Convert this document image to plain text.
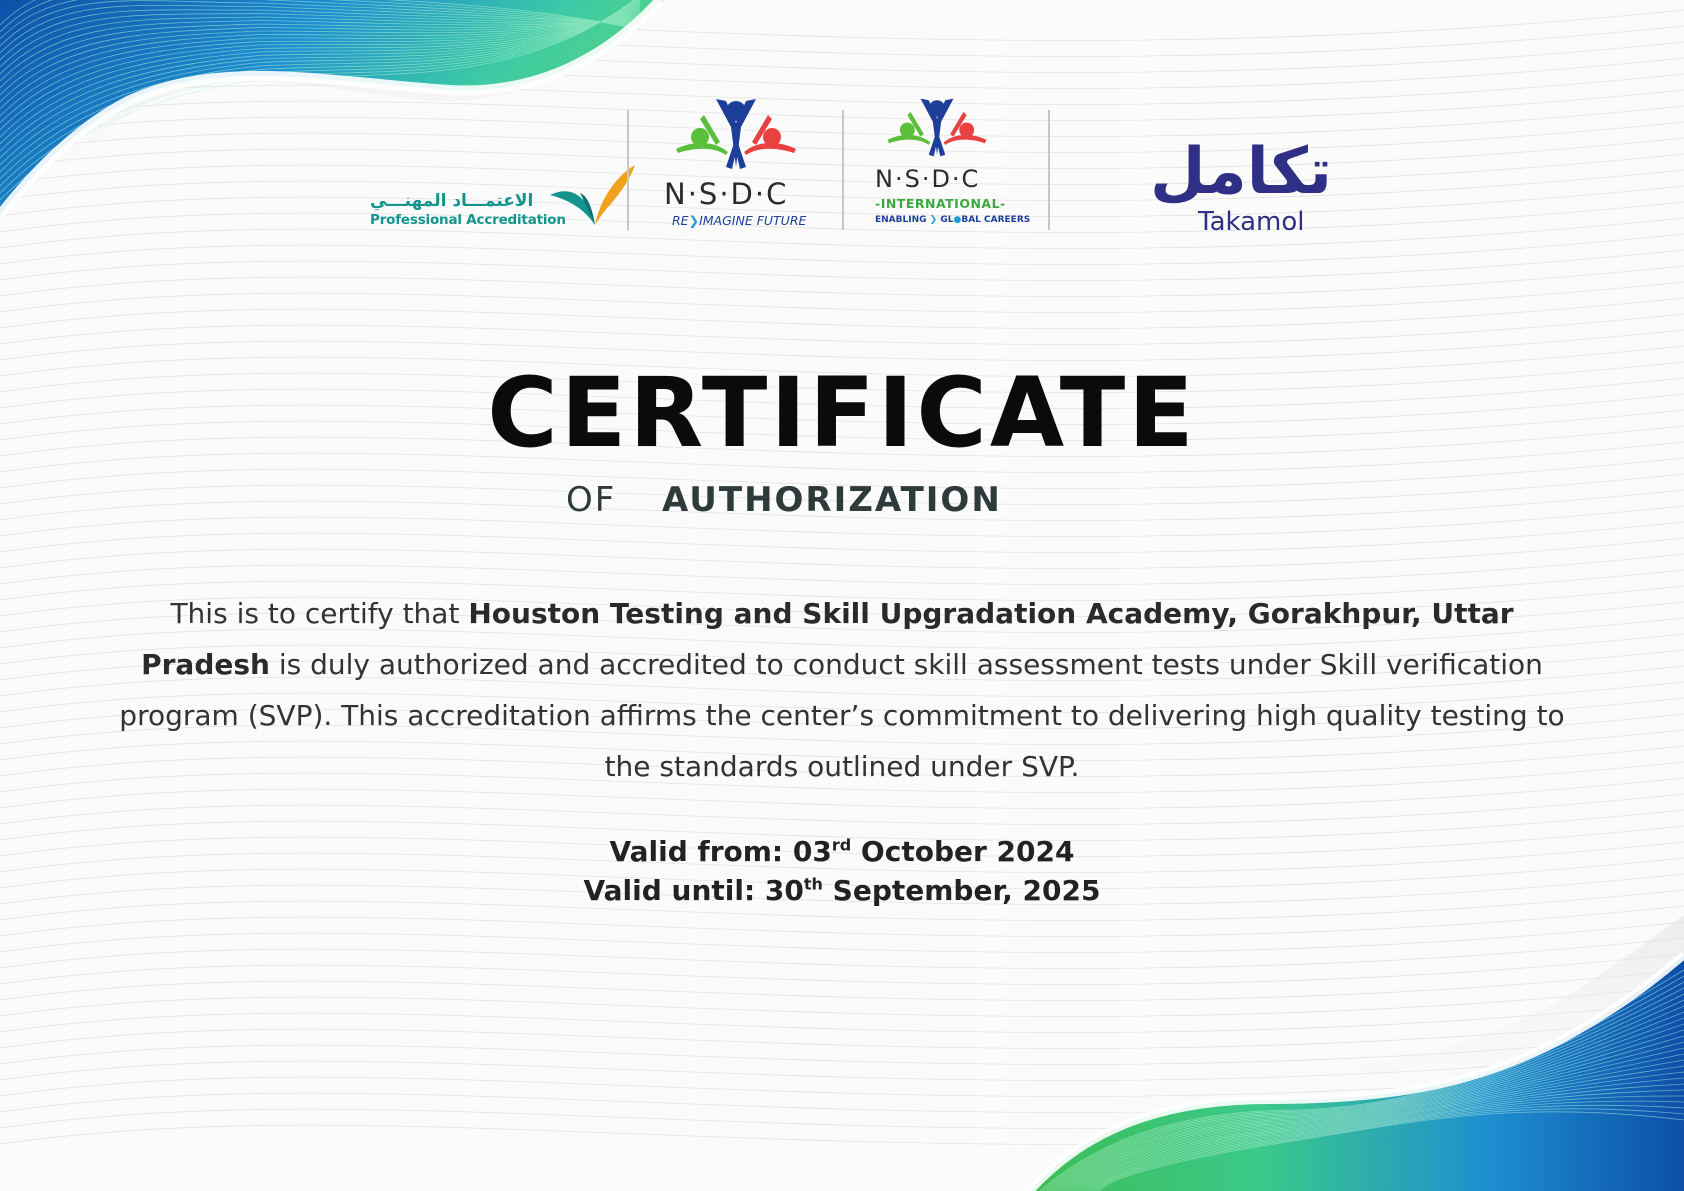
الاعتمـــاد المهنـــي
Professional Accreditation
N·S·D·C
RE❯IMAGINE FUTURE
N·S·D·C
-INTERNATIONAL-
ENABLING ❯ GL●BAL CAREERS
تكامل
Takamol
CERTIFICATE
OF AUTHORIZATION
This is to certify that Houston Testing and Skill Upgradation Academy, Gorakhpur, Uttar Pradesh is duly authorized and accredited to conduct skill assessment tests under Skill verification program (SVP). This accreditation affirms the center’s commitment to delivering high quality testing to the standards outlined under SVP.
Valid from: 03rd October 2024
Valid until: 30th September, 2025
